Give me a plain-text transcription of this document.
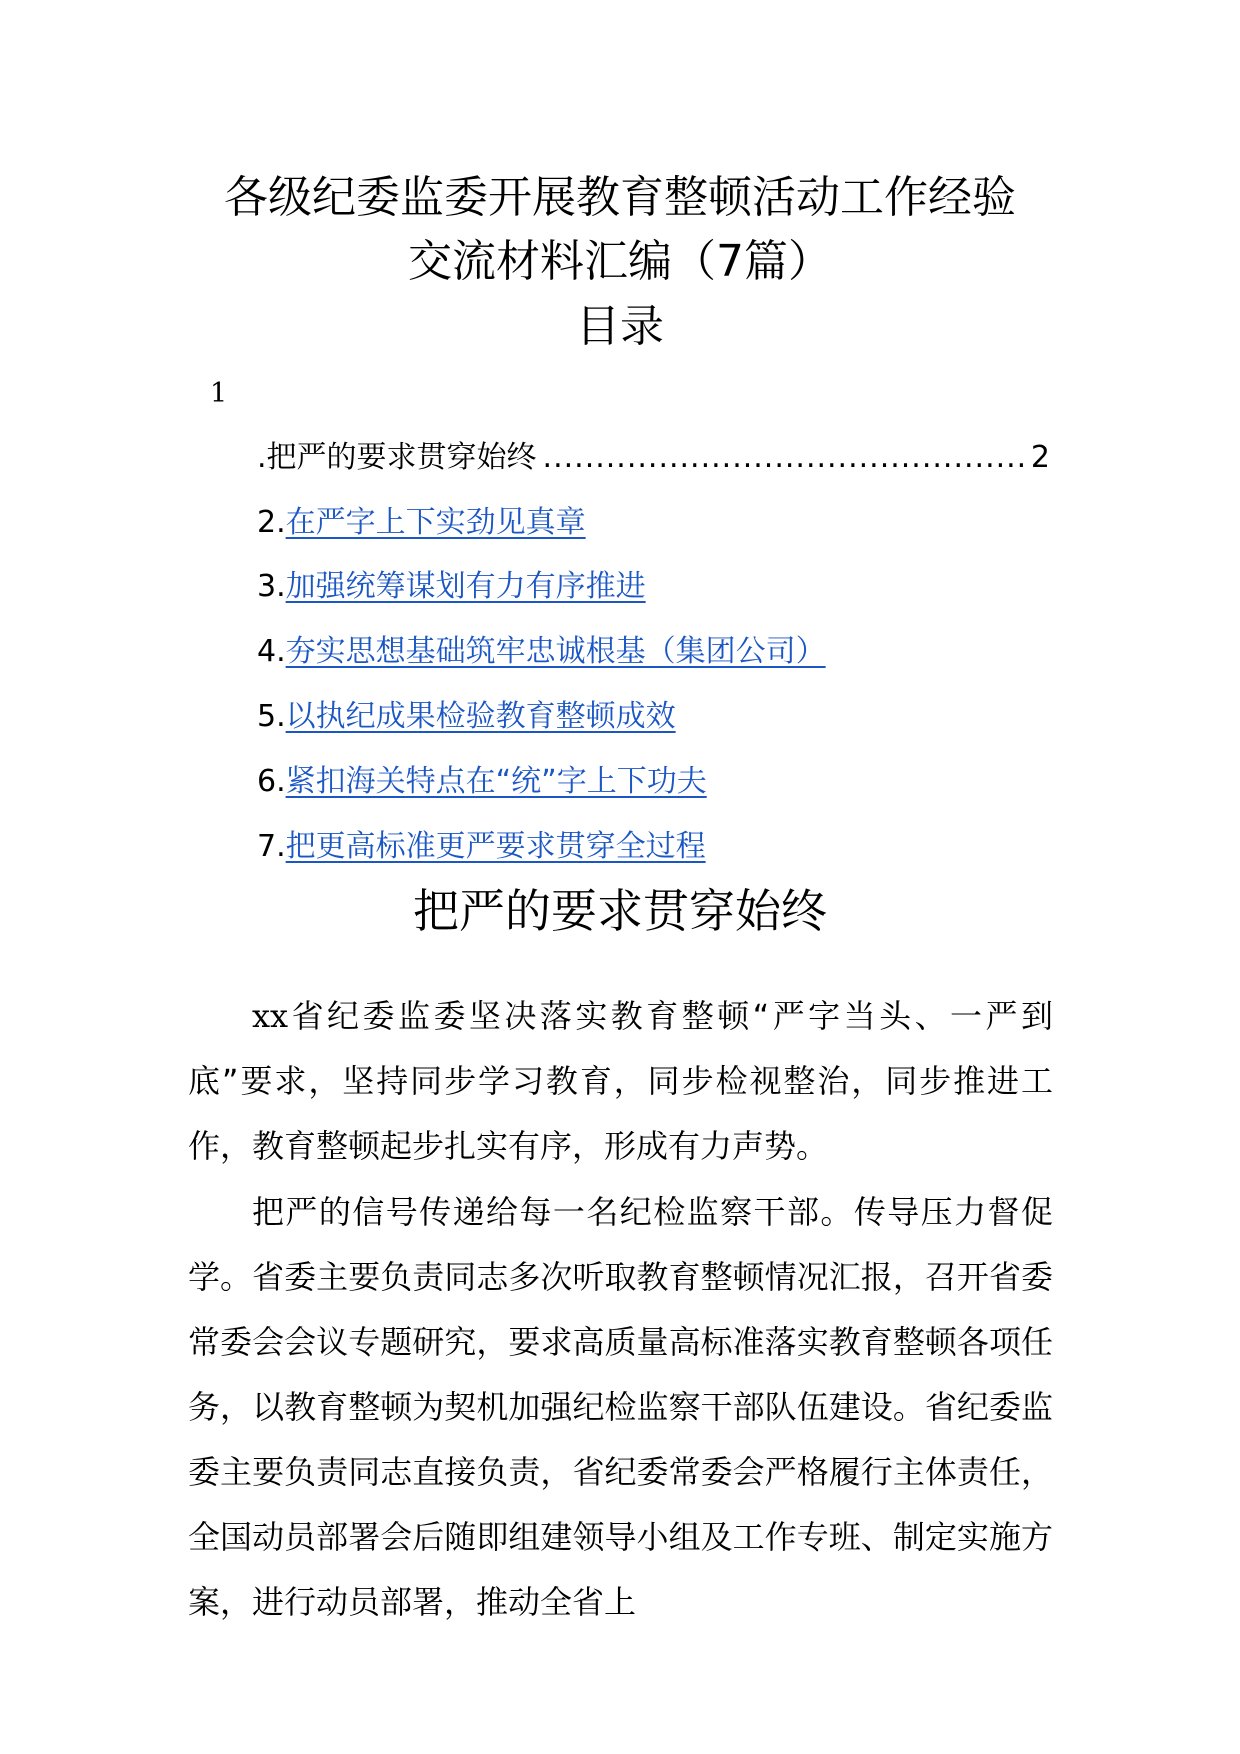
各级纪委监委开展教育整顿活动工作经验
交流材料汇编（7篇）
目录
1
.把严的要求贯穿始终
.....	2
2.在严字上下实劲见真章
3.加强统筹谋划有力有序推进
4.夯实思想基础筑牢忠诚根基（集团公司）
5.以执纪成果检验教育整顿成效
6.紧扣海关特点在“统”字上下功夫
7.把更高标准更严要求贯穿全过程
把严的要求贯穿始终

xx省纪委监委坚决落实教育整顿“严字当头、一严到底”要求，坚持同步学习教育，同步检视整治，同步推进工作，教育整顿起步扎实有序，形成有力声势。

把严的信号传递给每一名纪检监察干部。传导压力督促学。省委主要负责同志多次听取教育整顿情况汇报，召开省委常委会会议专题研究，要求高质量高标准落实教育整顿各项任务，以教育整顿为契机加强纪检监察干部队伍建设。省纪委监委主要负责同志直接负责，省纪委常委会严格履行主体责任，全国动员部署会后随即组建领导小组及工作专班、制定实施方案，进行动员部署，推动全省上
